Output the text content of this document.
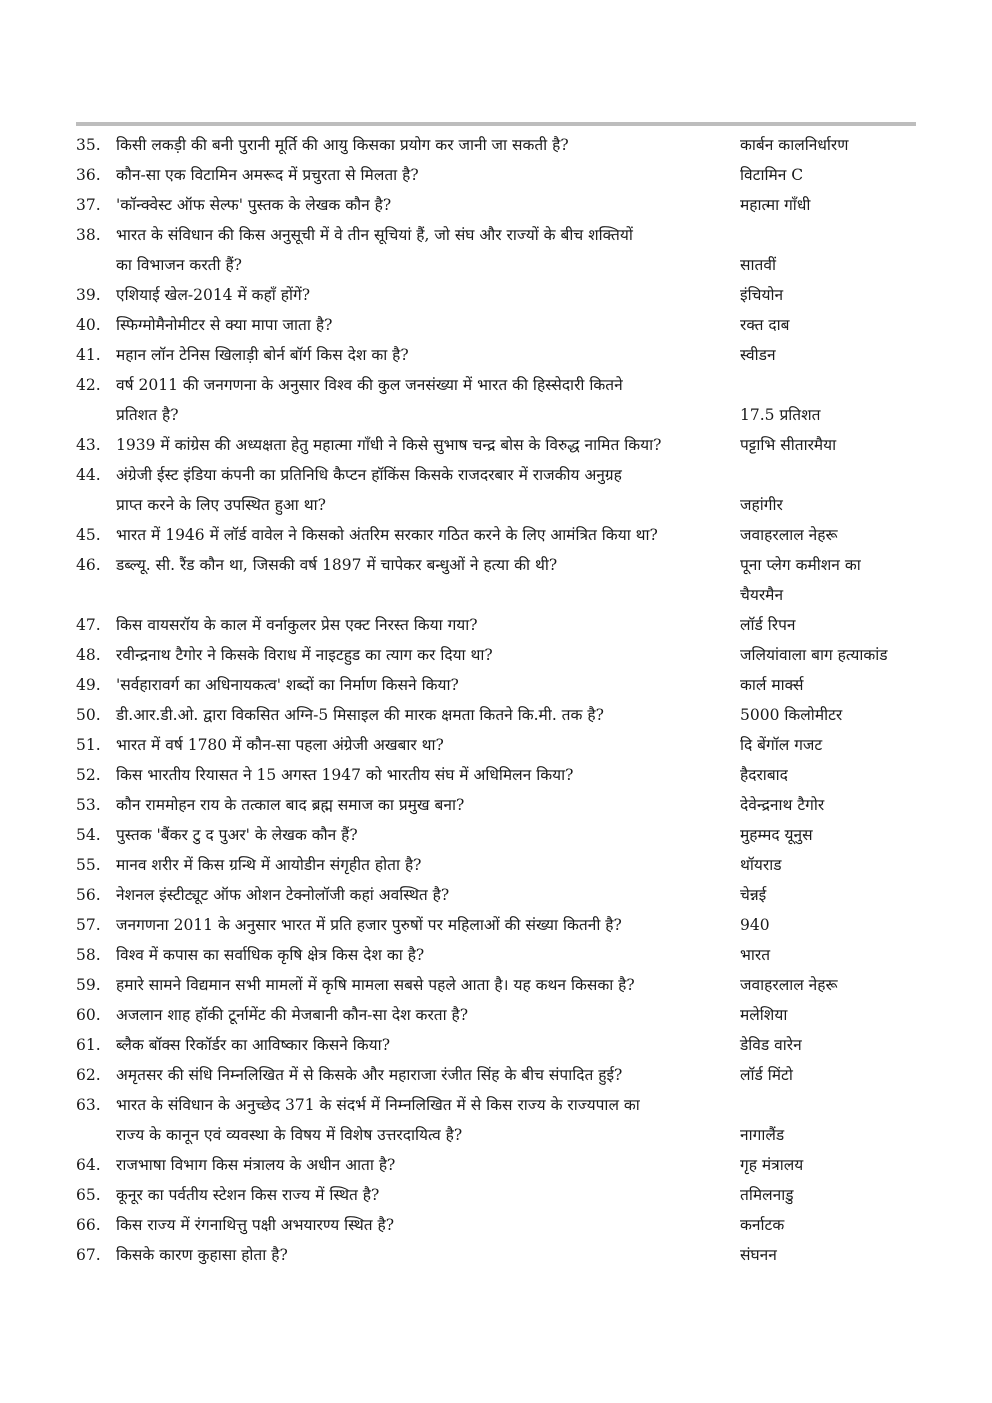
35. किसी लकड़ी की बनी पुरानी मूर्ति की आयु किसका प्रयोग कर जानी जा सकती है?	कार्बन कालनिर्धारण
36. कौन-सा एक विटामिन अमरूद में प्रचुरता से मिलता है?	विटामिन C
37. 'कॉन्क्वेस्ट ऑफ सेल्फ' पुस्तक के लेखक कौन है?	महात्मा गाँधी
38. भारत के संविधान की किस अनुसूची में वे तीन सूचियां हैं, जो संघ और राज्यों के बीच शक्तियों
का विभाजन करती हैं?	सातवीं
39. एशियाई खेल-2014 में कहाँ होंगें?	इंचियोन
40. स्फिग्मोमैनोमीटर से क्या मापा जाता है?	रक्त दाब
41. महान लॉन टेनिस खिलाड़ी बोर्न बॉर्ग किस देश का है?	स्वीडन
42. वर्ष 2011 की जनगणना के अनुसार विश्व की कुल जनसंख्या में भारत की हिस्सेदारी कितने
प्रतिशत है?	17.5 प्रतिशत
43. 1939 में कांग्रेस की अध्यक्षता हेतु महात्मा गाँधी ने किसे सुभाष चन्द्र बोस के विरुद्ध नामित किया?	पट्टाभि सीतारमैया
44. अंग्रेजी ईस्ट इंडिया कंपनी का प्रतिनिधि कैप्टन हॉकिंस किसके राजदरबार में राजकीय अनुग्रह
प्राप्त करने के लिए उपस्थित हुआ था?	जहांगीर
45. भारत में 1946 में लॉर्ड वावेल ने किसको अंतरिम सरकार गठित करने के लिए आमंत्रित किया था?	जवाहरलाल नेहरू
46. डब्ल्यू. सी. रैंड कौन था, जिसकी वर्ष 1897 में चापेकर बन्धुओं ने हत्या की थी?	पूना प्लेग कमीशन का
चैयरमैन
47. किस वायसरॉय के काल में वर्नाकुलर प्रेस एक्ट निरस्त किया गया?	लॉर्ड रिपन
48. रवीन्द्रनाथ टैगोर ने किसके विराध में नाइटहुड का त्याग कर दिया था?	जलियांवाला बाग हत्याकांड
49. 'सर्वहारावर्ग का अधिनायकत्व' शब्दों का निर्माण किसने किया?	कार्ल मार्क्स
50. डी.आर.डी.ओ. द्वारा विकसित अग्नि-5 मिसाइल की मारक क्षमता कितने कि.मी. तक है?	5000 किलोमीटर
51. भारत में वर्ष 1780 में कौन-सा पहला अंग्रेजी अखबार था?	दि बेंगॉल गजट
52. किस भारतीय रियासत ने 15 अगस्त 1947 को भारतीय संघ में अधिमिलन किया?	हैदराबाद
53. कौन राममोहन राय के तत्काल बाद ब्रह्म समाज का प्रमुख बना?	देवेन्द्रनाथ टैगोर
54. पुस्तक 'बैंकर टु द पुअर' के लेखक कौन हैं?	मुहम्मद यूनुस
55. मानव शरीर में किस ग्रन्थि में आयोडीन संगृहीत होता है?	थॉयराड
56. नेशनल इंस्टीट्यूट ऑफ ओशन टेक्नोलॉजी कहां अवस्थित है?	चेन्नई
57. जनगणना 2011 के अनुसार भारत में प्रति हजार पुरुषों पर महिलाओं की संख्या कितनी है?	940
58. विश्व में कपास का सर्वाधिक कृषि क्षेत्र किस देश का है?	भारत
59. हमारे सामने विद्यमान सभी मामलों में कृषि मामला सबसे पहले आता है। यह कथन किसका है?	जवाहरलाल नेहरू
60. अजलान शाह हॉकी टूर्नामेंट की मेजबानी कौन-सा देश करता है?	मलेशिया
61. ब्लैक बॉक्स रिकॉर्डर का आविष्कार किसने किया?	डेविड वारेन
62. अमृतसर की संधि निम्नलिखित में से किसके और महाराजा रंजीत सिंह के बीच संपादित हुई?	लॉर्ड मिंटो
63. भारत के संविधान के अनुच्छेद 371 के संदर्भ में निम्नलिखित में से किस राज्य के राज्यपाल का
राज्य के कानून एवं व्यवस्था के विषय में विशेष उत्तरदायित्व है?	नागालैंड
64. राजभाषा विभाग किस मंत्रालय के अधीन आता है?	गृह मंत्रालय
65. कूनूर का पर्वतीय स्टेशन किस राज्य में स्थित है?	तमिलनाडु
66. किस राज्य में रंगनाथित्तु पक्षी अभयारण्य स्थित है?	कर्नाटक
67. किसके कारण कुहासा होता है?	संघनन
